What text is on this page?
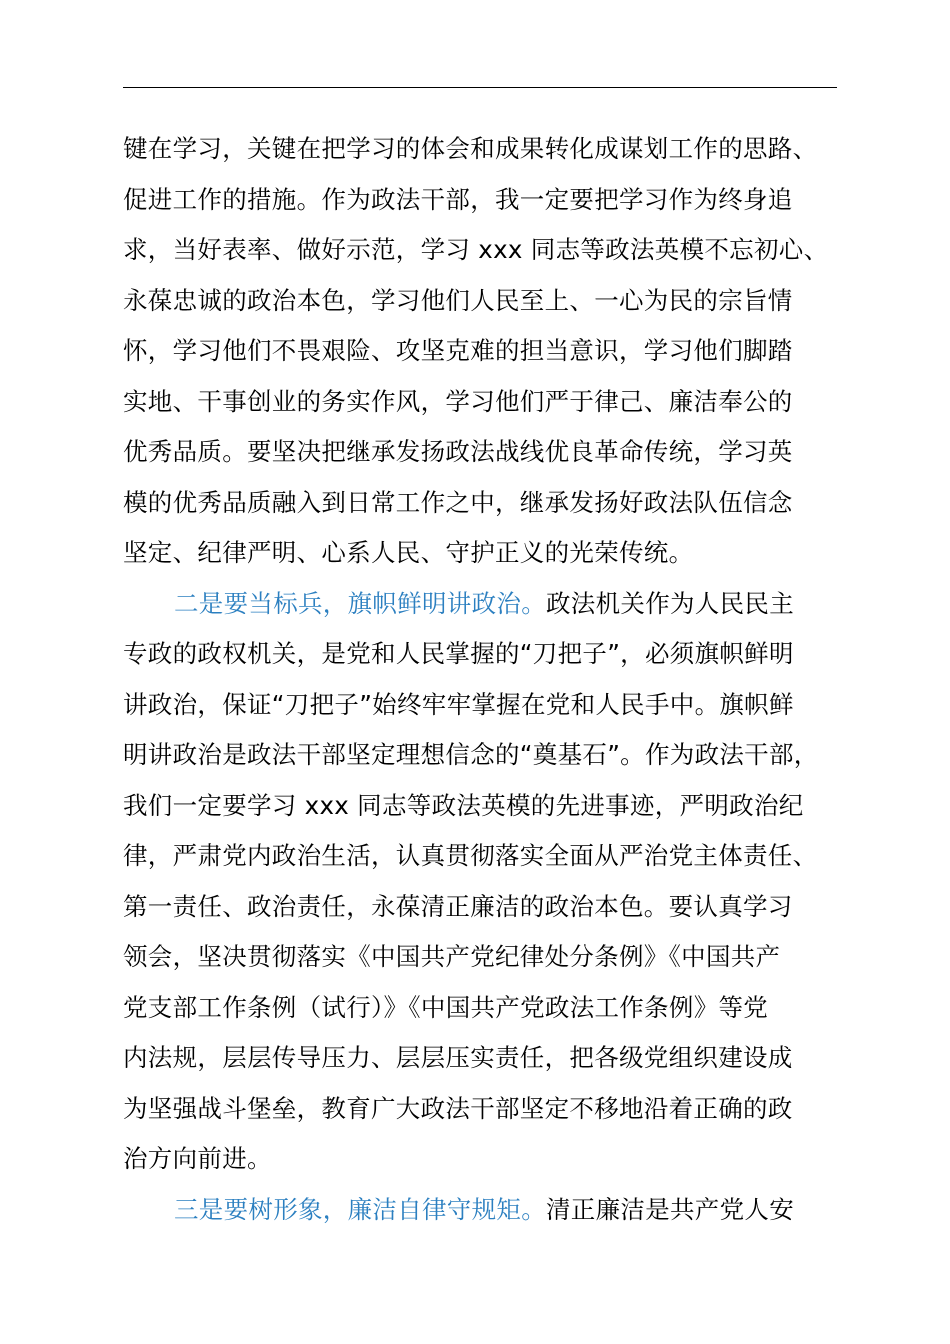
键在学习，关键在把学习的体会和成果转化成谋划工作的思路、
促进工作的措施。作为政法干部，我一定要把学习作为终身追
求，当好表率、做好示范，学习 xxx 同志等政法英模不忘初心、
永葆忠诚的政治本色，学习他们人民至上、一心为民的宗旨情
怀，学习他们不畏艰险、攻坚克难的担当意识，学习他们脚踏
实地、干事创业的务实作风，学习他们严于律己、廉洁奉公的
优秀品质。要坚决把继承发扬政法战线优良革命传统，学习英
模的优秀品质融入到日常工作之中，继承发扬好政法队伍信念
坚定、纪律严明、心系人民、守护正义的光荣传统。
二是要当标兵，旗帜鲜明讲政治。政法机关作为人民民主
专政的政权机关，是党和人民掌握的“刀把子”，必须旗帜鲜明
讲政治，保证“刀把子”始终牢牢掌握在党和人民手中。旗帜鲜
明讲政治是政法干部坚定理想信念的“奠基石”。作为政法干部，
我们一定要学习 xxx 同志等政法英模的先进事迹，严明政治纪
律，严肃党内政治生活，认真贯彻落实全面从严治党主体责任、
第一责任、政治责任，永葆清正廉洁的政治本色。要认真学习
领会，坚决贯彻落实《中国共产党纪律处分条例》《中国共产
党支部工作条例（试行）》《中国共产党政法工作条例》等党
内法规，层层传导压力、层层压实责任，把各级党组织建设成
为坚强战斗堡垒，教育广大政法干部坚定不移地沿着正确的政
治方向前进。
三是要树形象，廉洁自律守规矩。清正廉洁是共产党人安
